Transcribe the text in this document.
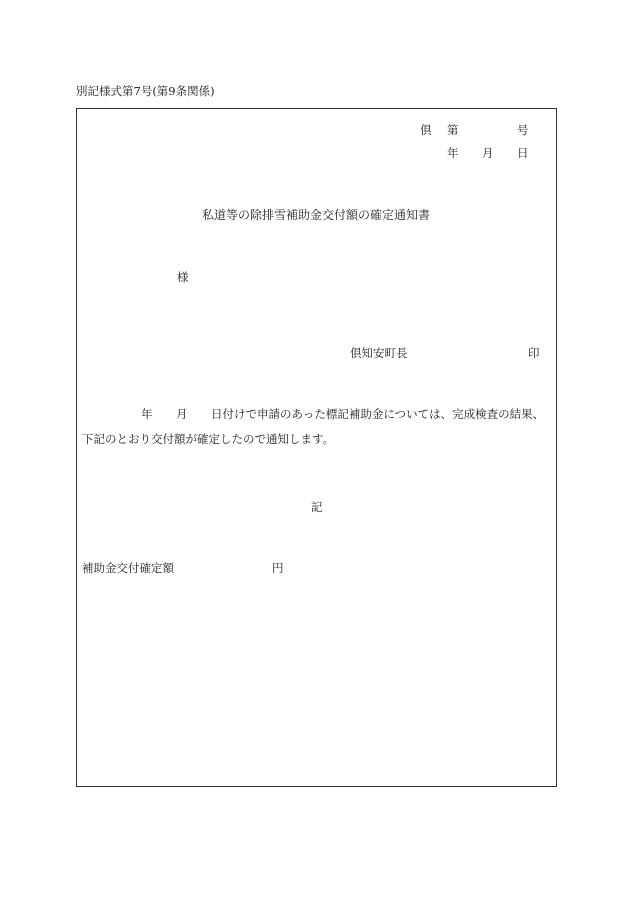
別記様式第7号(第9条関係)
倶 第	号
年 月 日
私道等の除排雪補助金交付額の確定通知書
様
倶知安町長	印
年 月 日付けで申請のあった標記補助金については、完成検査の結果、
下記のとおり交付額が確定したので通知します。
記
補助金交付確定額	円
